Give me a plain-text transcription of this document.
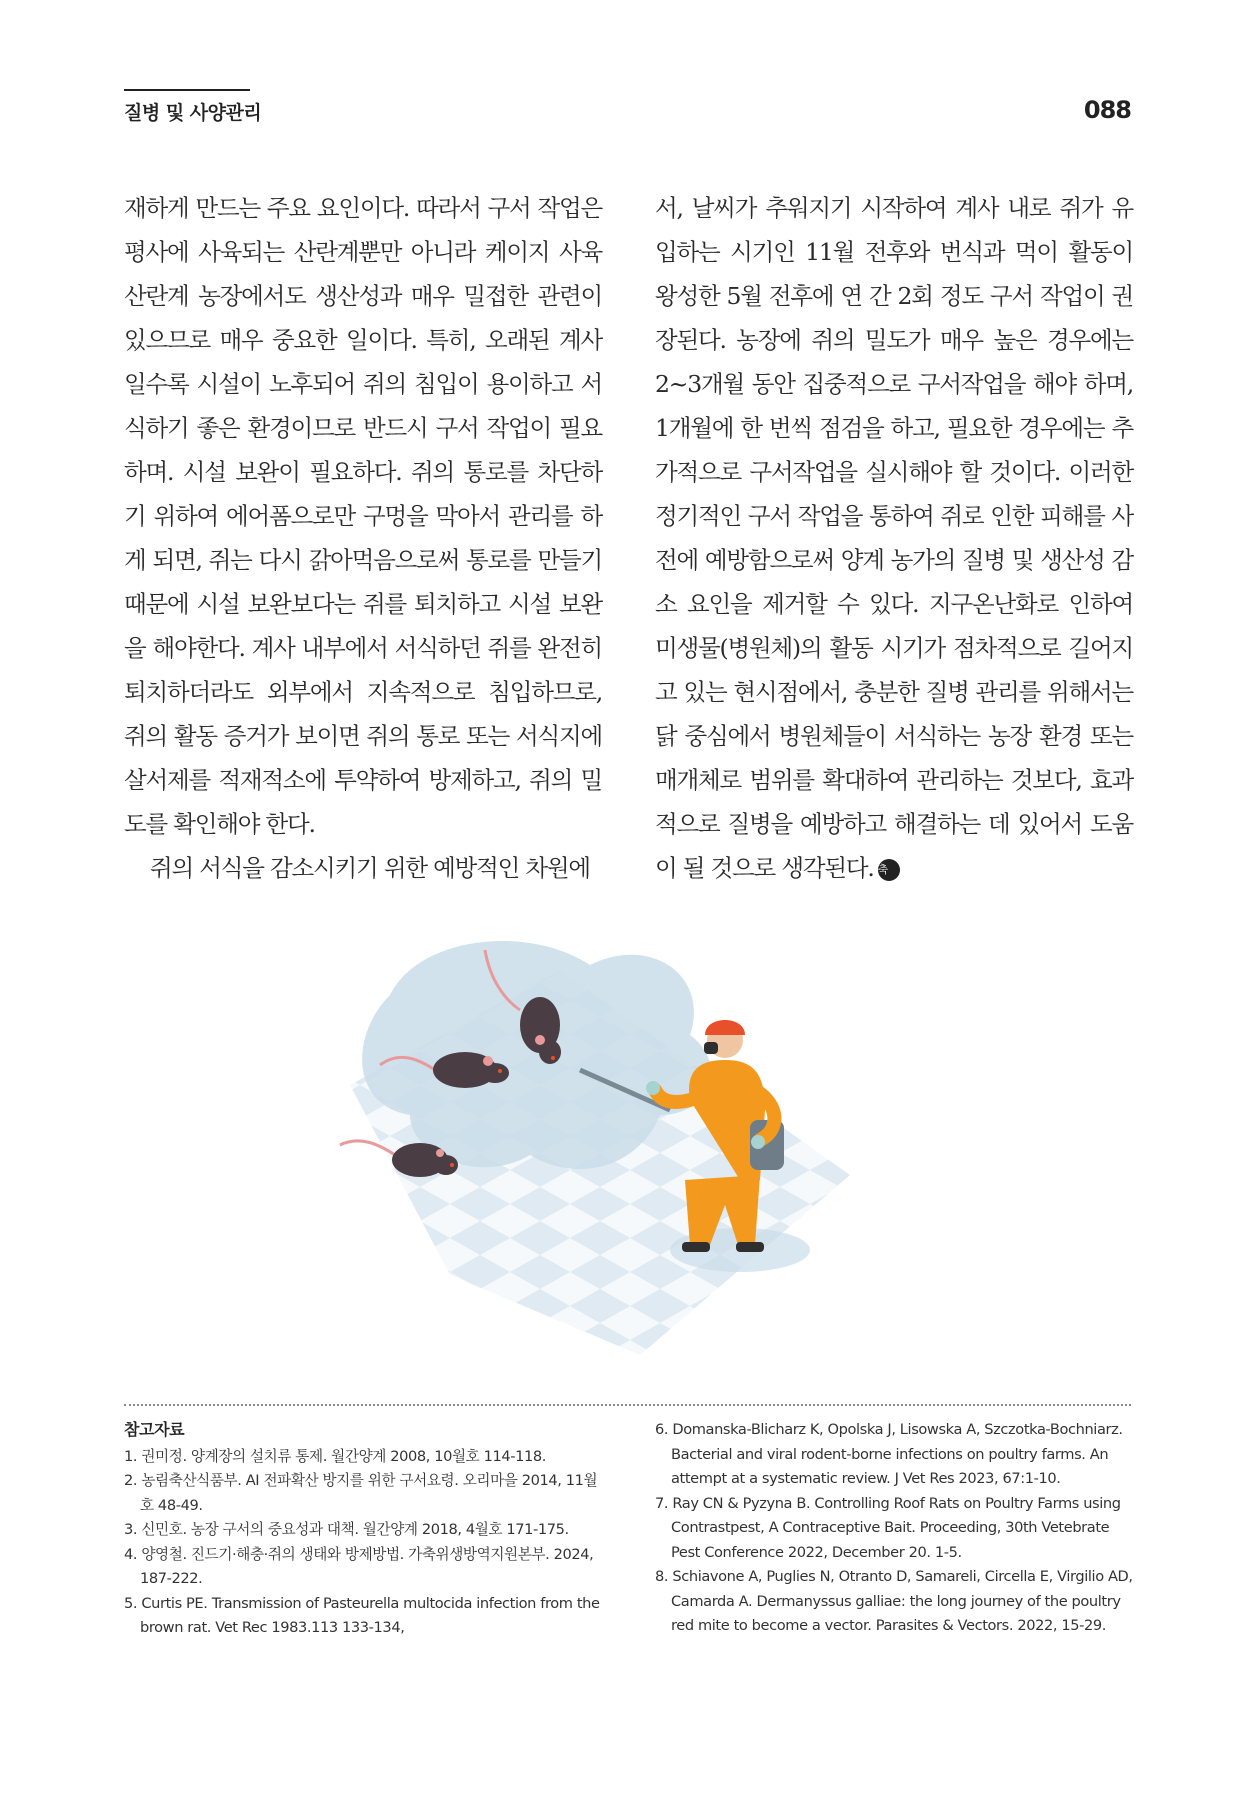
질병 및 사양관리	088

재하게 만드는 주요 요인이다. 따라서 구서 작업은 평사에 사육되는 산란계뿐만 아니라 케이지 사육 산란계 농장에서도 생산성과 매우 밀접한 관련이 있으므로 매우 중요한 일이다. 특히, 오래된 계사일수록 시설이 노후되어 쥐의 침입이 용이하고 서식하기 좋은 환경이므로 반드시 구서 작업이 필요하며. 시설 보완이 필요하다. 쥐의 통로를 차단하기 위하여 에어폼으로만 구멍을 막아서 관리를 하게 되면, 쥐는 다시 갉아먹음으로써 통로를 만들기 때문에 시설 보완보다는 쥐를 퇴치하고 시설 보완을 해야한다. 계사 내부에서 서식하던 쥐를 완전히 퇴치하더라도 외부에서 지속적으로 침입하므로, 쥐의 활동 증거가 보이면 쥐의 통로 또는 서식지에 살서제를 적재적소에 투약하여 방제하고, 쥐의 밀도를 확인해야 한다.

쥐의 서식을 감소시키기 위한 예방적인 차원에

서, 날씨가 추워지기 시작하여 계사 내로 쥐가 유입하는 시기인 11월 전후와 번식과 먹이 활동이 왕성한 5월 전후에 연 간 2회 정도 구서 작업이 권장된다. 농장에 쥐의 밀도가 매우 높은 경우에는 2~3개월 동안 집중적으로 구서작업을 해야 하며, 1개월에 한 번씩 점검을 하고, 필요한 경우에는 추가적으로 구서작업을 실시해야 할 것이다. 이러한 정기적인 구서 작업을 통하여 쥐로 인한 피해를 사전에 예방함으로써 양계 농가의 질병 및 생산성 감소 요인을 제거할 수 있다. 지구온난화로 인하여 미생물(병원체)의 활동 시기가 점차적으로 길어지고 있는 현시점에서, 충분한 질병 관리를 위해서는 닭 중심에서 병원체들이 서식하는 농장 환경 또는 매개체로 범위를 확대하여 관리하는 것보다, 효과적으로 질병을 예방하고 해결하는 데 있어서 도움이 될 것으로 생각된다. 축

참고자료
1. 권미정. 양계장의 설치류 통제. 월간양계 2008, 10월호 114-118.
2. 농림축산식품부. AI 전파확산 방지를 위한 구서요령. 오리마을 2014, 11월호 48-49.
3. 신민호. 농장 구서의 중요성과 대책. 월간양계 2018, 4월호 171-175.
4. 양영철. 진드기·해충·쥐의 생태와 방제방법. 가축위생방역지원본부. 2024, 187-222.
5. Curtis PE. Transmission of Pasteurella multocida infection from the brown rat. Vet Rec 1983.113 133-134,
6. Domanska-Blicharz K, Opolska J, Lisowska A, Szczotka-Bochniarz. Bacterial and viral rodent-borne infections on poultry farms. An attempt at a systematic review. J Vet Res 2023, 67:1-10.
7. Ray CN & Pyzyna B. Controlling Roof Rats on Poultry Farms using Contrastpest, A Contraceptive Bait. Proceeding, 30th Vetebrate Pest Conference 2022, December 20. 1-5.
8. Schiavone A, Puglies N, Otranto D, Samareli, Circella E, Virgilio AD, Camarda A. Dermanyssus galliae: the long journey of the poultry red mite to become a vector. Parasites & Vectors. 2022, 15-29.
